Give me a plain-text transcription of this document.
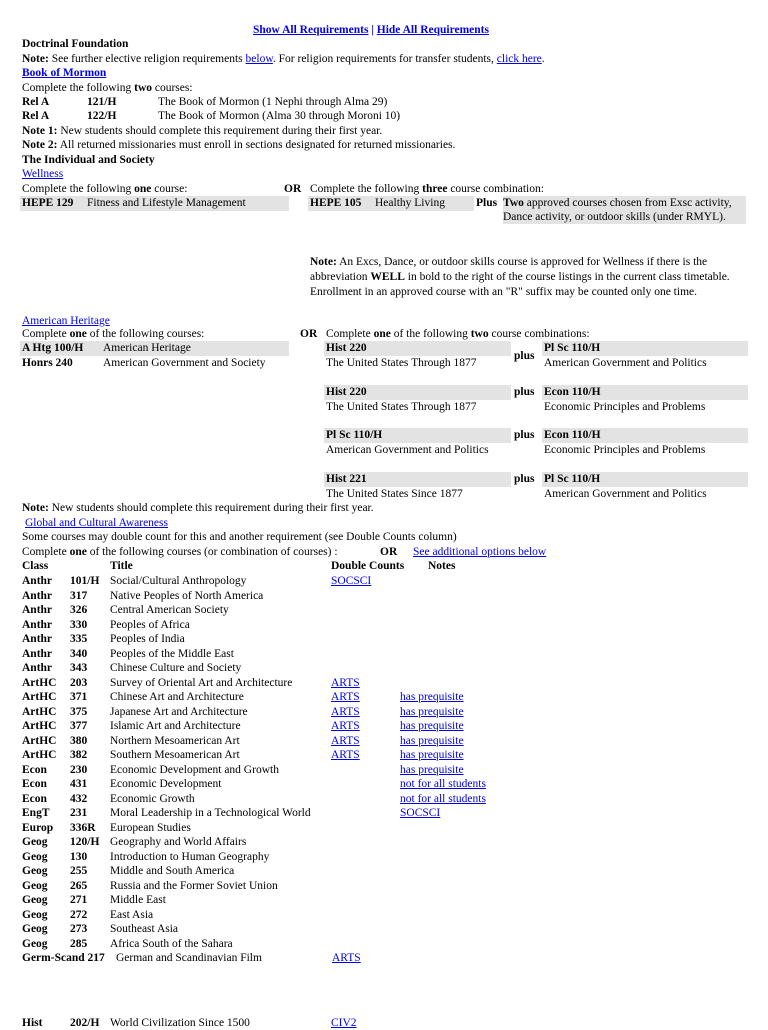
Show All Requirements | Hide All Requirements
Doctrinal Foundation
Note: See further elective religion requirements below. For religion requirements for transfer students, click here.
Book of Mormon
Complete the following two courses:
Rel A	121/H	The Book of Mormon (1 Nephi through Alma 29)
Rel A	122/H	The Book of Mormon (Alma 30 through Moroni 10)
Note 1: New students should complete this requirement during their first year.
Note 2: All returned missionaries must enroll in sections designated for returned missionaries.
The Individual and Society
Wellness
Complete the following one course:	OR Complete the following three course combination:
HEPE 129 Fitness and Lifestyle Management	HEPE 105 Healthy Living	Plus Two approved courses chosen from Exsc activity, Dance activity, or outdoor skills (under RMYL).
Note: An Excs, Dance, or outdoor skills course is approved for Wellness if there is the abbreviation WELL in bold to the right of the course listings in the current class timetable. Enrollment in an approved course with an "R" suffix may be counted only one time.
American Heritage
Complete one of the following courses:	OR Complete one of the following two course combinations:
A Htg 100/H American Heritage
Honrs 240	American Government and Society
Hist 220
The United States Through 1877
plus
Pl Sc 110/H
American Government and Politics
Hist 220
The United States Through 1877
plus Econ 110/H
Economic Principles and Problems
Pl Sc 110/H
American Government and Politics
plus Econ 110/H
Economic Principles and Problems
Hist 221
The United States Since 1877
plus Pl Sc 110/H
American Government and Politics
Note: New students should complete this requirement during their first year.
Global and Cultural Awareness
Some courses may double count for this and another requirement (see Double Counts column)
Complete one of the following courses (or combination of courses) :	OR See additional options below
Class	Title	Double Counts Notes
Anthr 101/H Social/Cultural Anthropology	SOCSCI
Anthr 317 Native Peoples of North America
Anthr 326 Central American Society
Anthr 330 Peoples of Africa
Anthr 335 Peoples of India
Anthr 340 Peoples of the Middle East
Anthr 343 Chinese Culture and Society
ArtHC 203 Survey of Oriental Art and Architecture	ARTS
ArtHC 371 Chinese Art and Architecture	ARTS	has prequisite
ArtHC 375 Japanese Art and Architecture	ARTS	has prequisite
ArtHC 377 Islamic Art and Architecture	ARTS	has prequisite
ArtHC 380 Northern Mesoamerican Art	ARTS	has prequisite
ArtHC 382 Southern Mesoamerican Art	ARTS	has prequisite
Econ 230 Economic Development and Growth	has prequisite
Econ 431 Economic Development	not for all students
Econ 432 Economic Growth	not for all students
EngT 231 Moral Leadership in a Technological World	SOCSCI
Europ 336R European Studies
Geog 120/H Geography and World Affairs
Geog 130 Introduction to Human Geography
Geog 255 Middle and South America
Geog 265 Russia and the Former Soviet Union
Geog 271 Middle East
Geog 272 East Asia
Geog 273 Southeast Asia
Geog 285 Africa South of the Sahara
Germ-Scand 217 German and Scandinavian Film	ARTS
Hist 202/H World Civilization Since 1500	CIV2
